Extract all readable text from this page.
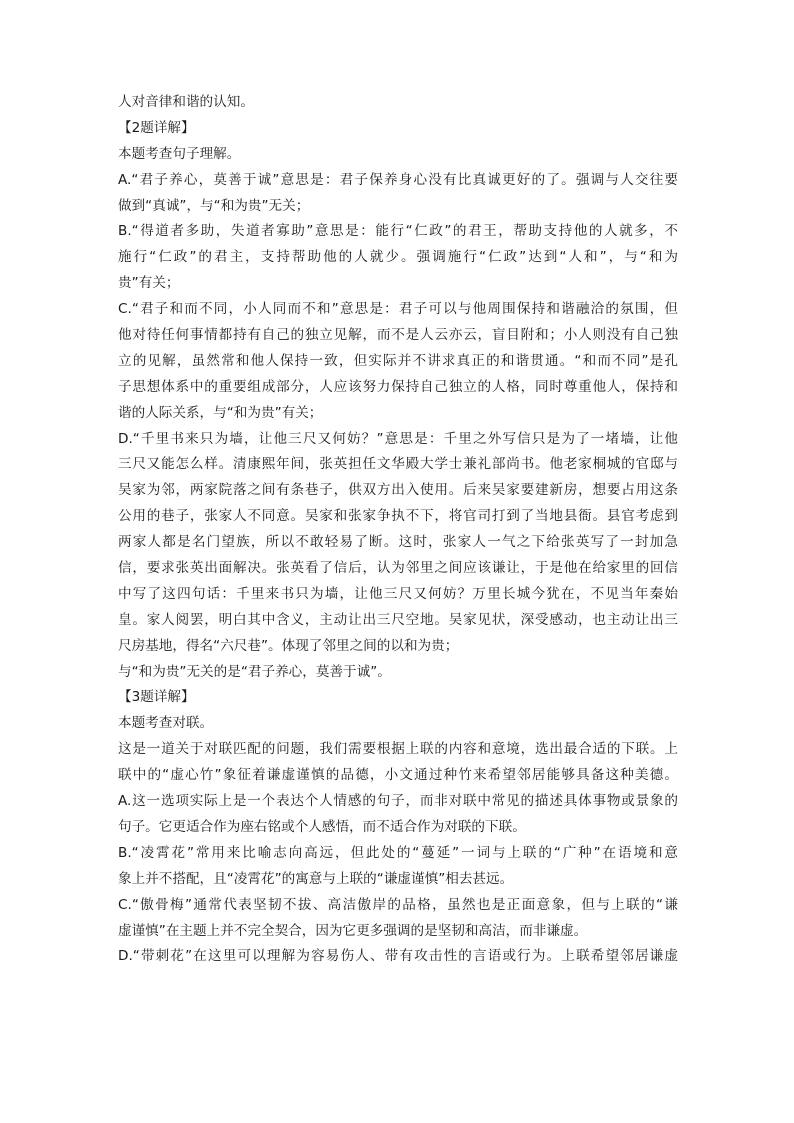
人对音律和谐的认知。
【2题详解】
本题考查句子理解。
A.“君子养心，莫善于诚”意思是：君子保养身心没有比真诚更好的了。强调与人交往要
做到“真诚”，与“和为贵”无关；
B.“得道者多助，失道者寡助”意思是：能行“仁政”的君王，帮助支持他的人就多，不
施行“仁政”的君主，支持帮助他的人就少。强调施行“仁政”达到“人和”，与“和为
贵”有关；
C.“君子和而不同，小人同而不和”意思是：君子可以与他周围保持和谐融洽的氛围，但
他对待任何事情都持有自己的独立见解，而不是人云亦云，盲目附和；小人则没有自己独
立的见解，虽然常和他人保持一致，但实际并不讲求真正的和谐贯通。“和而不同”是孔
子思想体系中的重要组成部分，人应该努力保持自己独立的人格，同时尊重他人，保持和
谐的人际关系，与“和为贵”有关；
D.“千里书来只为墙，让他三尺又何妨？”意思是：千里之外写信只是为了一堵墙，让他
三尺又能怎么样。清康熙年间，张英担任文华殿大学士兼礼部尚书。他老家桐城的官邸与
吴家为邻，两家院落之间有条巷子，供双方出入使用。后来吴家要建新房，想要占用这条
公用的巷子，张家人不同意。吴家和张家争执不下，将官司打到了当地县衙。县官考虑到
两家人都是名门望族，所以不敢轻易了断。这时，张家人一气之下给张英写了一封加急
信，要求张英出面解决。张英看了信后，认为邻里之间应该谦让，于是他在给家里的回信
中写了这四句话：千里来书只为墙，让他三尺又何妨？万里长城今犹在，不见当年秦始
皇。家人阅罢，明白其中含义，主动让出三尺空地。吴家见状，深受感动，也主动让出三
尺房基地，得名“六尺巷”。体现了邻里之间的以和为贵；
与“和为贵”无关的是“君子养心，莫善于诚”。
【3题详解】
本题考查对联。
这是一道关于对联匹配的问题，我们需要根据上联的内容和意境，选出最合适的下联。上
联中的“虚心竹”象征着谦虚谨慎的品德，小文通过种竹来希望邻居能够具备这种美德。
A.这一选项实际上是一个表达个人情感的句子，而非对联中常见的描述具体事物或景象的
句子。它更适合作为座右铭或个人感悟，而不适合作为对联的下联。
B.“凌霄花”常用来比喻志向高远，但此处的“蔓延”一词与上联的“广种”在语境和意
象上并不搭配，且“凌霄花”的寓意与上联的“谦虚谨慎”相去甚远。
C.“傲骨梅”通常代表坚韧不拔、高洁傲岸的品格，虽然也是正面意象，但与上联的“谦
虚谨慎”在主题上并不完全契合，因为它更多强调的是坚韧和高洁，而非谦虚。
D.“带刺花”在这里可以理解为容易伤人、带有攻击性的言语或行为。上联希望邻居谦虚
